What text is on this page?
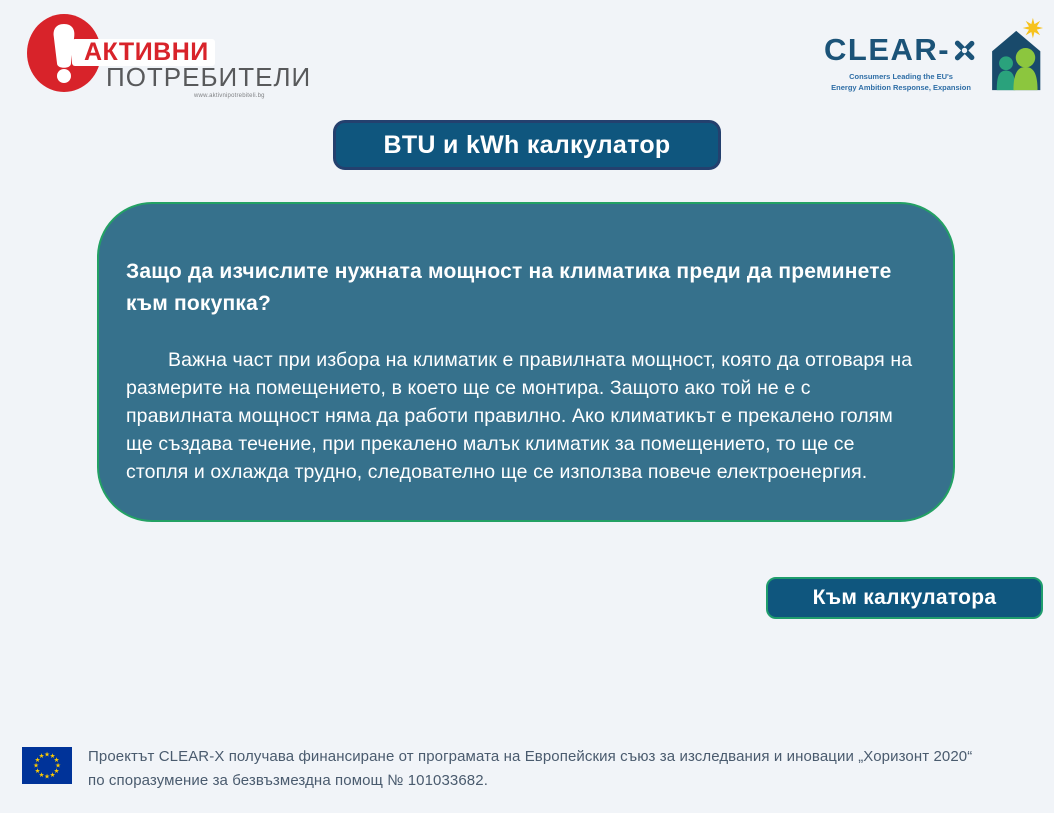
АКТИВНИ
ПОТРЕБИТЕЛИ
www.aktivnipotrebiteli.bg
CLEAR-
Consumers Leading the EU's
Energy Ambition Response, Expansion
BTU и kWh калкулатор
Защо да изчислите нужната мощност на климатика преди да преминете към покупка?

Важна част при избора на климатик е правилната мощност, която да отговаря на размерите на помещението, в което ще се монтира. Защото ако той не е с правилната мощност няма да работи правилно. Ако климатикът е прекалено голям ще създава течение, при прекалено малък климатик за помещението, то ще се стопля и охлажда трудно, следователно ще се използва повече електроенергия.

Към калкулатора
★ ★
★
★
★
★
★
★
★
★
★
★	Проектът CLEAR-X получава финансиране от програмата на Европейския съюз за изследвания и иновации „Хоризонт 2020“ по споразумение за безвъзмездна помощ № 101033682.
